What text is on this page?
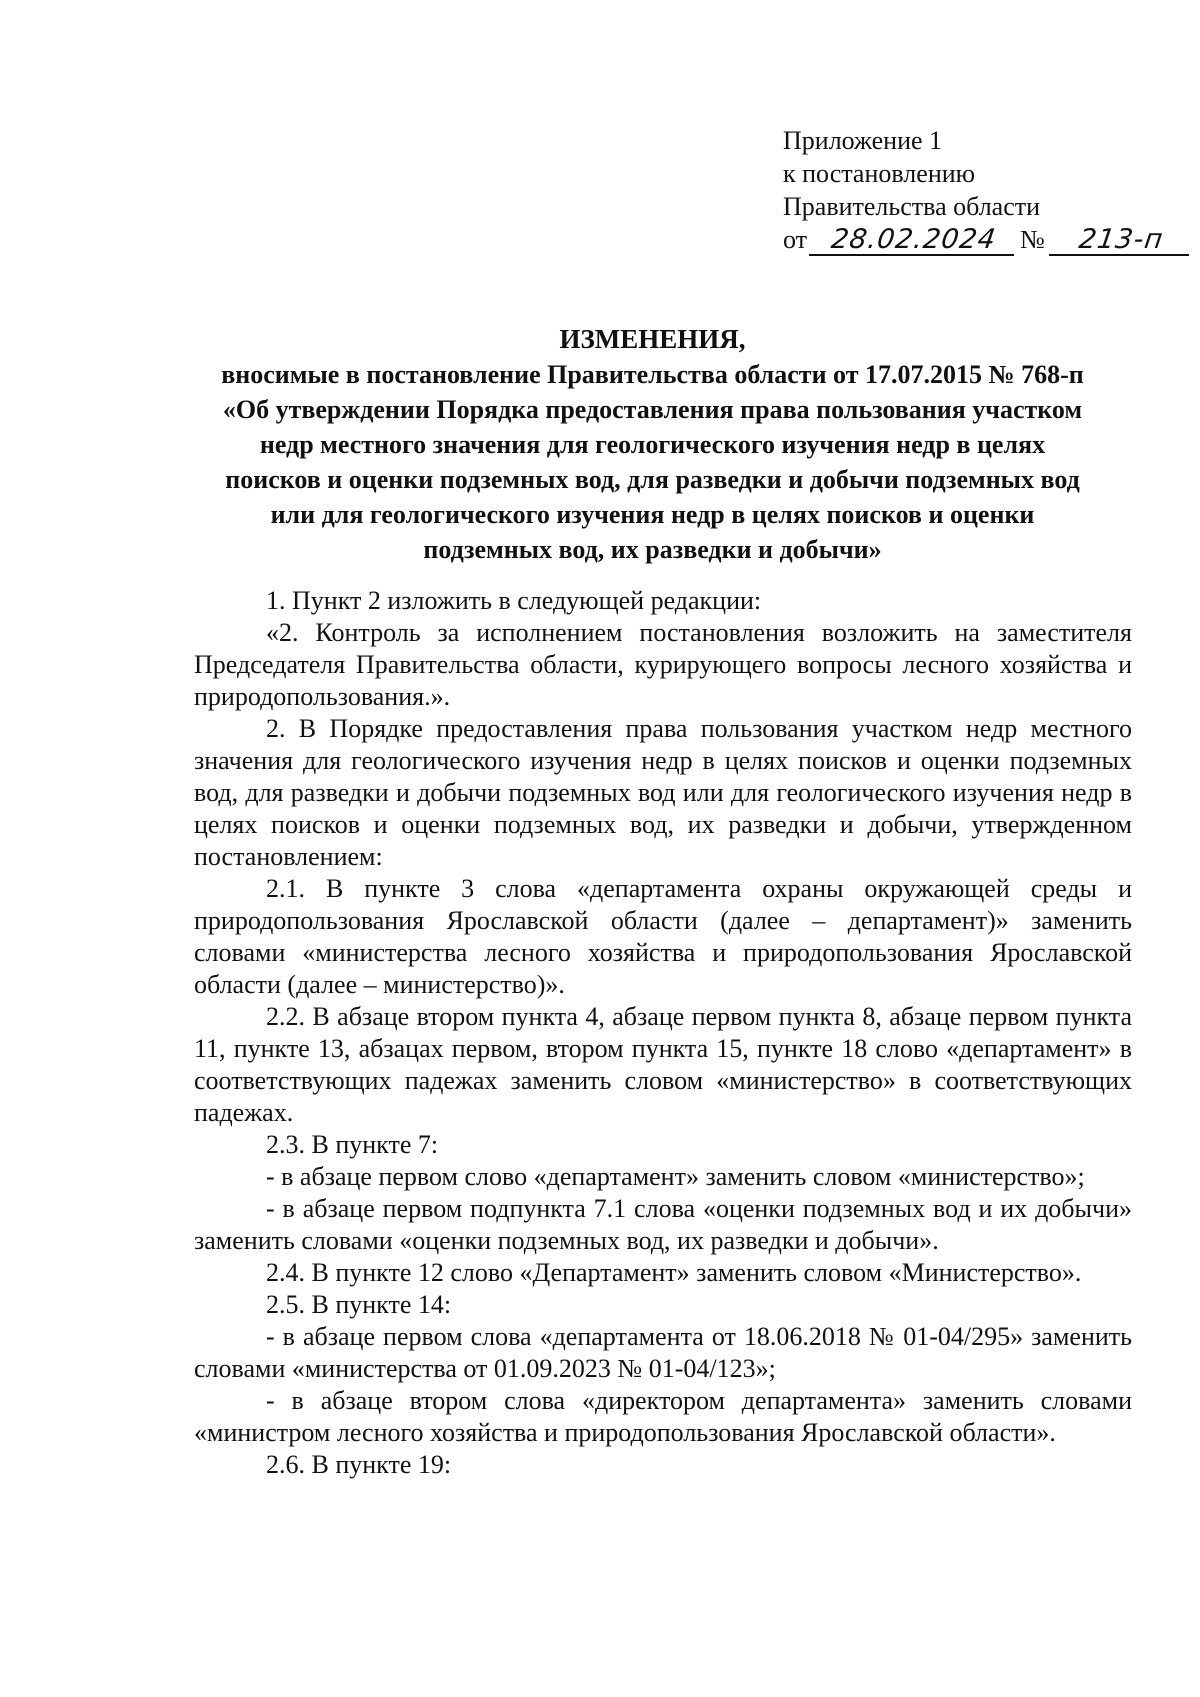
Приложение 1
к постановлению
Правительства области
от 28.02.2024 № 213-п
ИЗМЕНЕНИЯ,
вносимые в постановление Правительства области от 17.07.2015 № 768-п
«Об утверждении Порядка предоставления права пользования участком
недр местного значения для геологического изучения недр в целях
поисков и оценки подземных вод, для разведки и добычи подземных вод
или для геологического изучения недр в целях поисков и оценки
подземных вод, их разведки и добычи»

1. Пункт 2 изложить в следующей редакции:

«2. Контроль за исполнением постановления возложить на заместителя Председателя Правительства области, курирующего вопросы лесного хозяйства и природопользования.».

2. В Порядке предоставления права пользования участком недр местного значения для геологического изучения недр в целях поисков и оценки подземных вод, для разведки и добычи подземных вод или для геологического изучения недр в целях поисков и оценки подземных вод, их разведки и добычи, утвержденном постановлением:

2.1. В пункте 3 слова «департамента охраны окружающей среды и природопользования Ярославской области (далее – департамент)» заменить словами «министерства лесного хозяйства и природопользования Ярославской области (далее – министерство)».

2.2. В абзаце втором пункта 4, абзаце первом пункта 8, абзаце первом пункта 11, пункте 13, абзацах первом, втором пункта 15, пункте 18 слово «департамент» в соответствующих падежах заменить словом «министерство» в соответствующих падежах.

2.3. В пункте 7:

- в абзаце первом слово «департамент» заменить словом «министерство»;

- в абзаце первом подпункта 7.1 слова «оценки подземных вод и их добычи» заменить словами «оценки подземных вод, их разведки и добычи».

2.4. В пункте 12 слово «Департамент» заменить словом «Министерство».

2.5. В пункте 14:

- в абзаце первом слова «департамента от 18.06.2018 № 01-04/295» заменить словами «министерства от 01.09.2023 № 01-04/123»;

- в абзаце втором слова «директором департамента» заменить словами «министром лесного хозяйства и природопользования Ярославской области».

2.6. В пункте 19:
